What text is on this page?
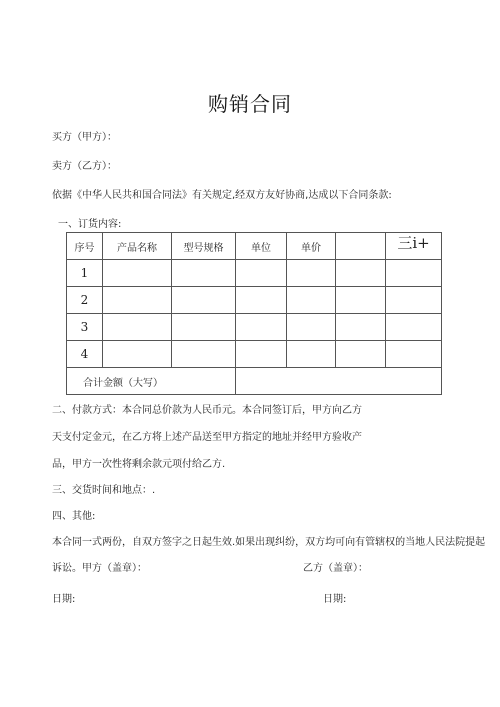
购销合同
买方（甲方）：
卖方（乙方）：
依据《中华人民共和国合同法》有关规定,经双方友好协商,达成以下合同条款:
一、订货内容:
序号	产品名称	型号规格	单位	单价		三i+
1						
2						
3						
4						
合计金额（大写）						
二、付款方式：本合同总价款为人民币元。本合同签订后，甲方向乙方
天支付定金元，在乙方将上述产品送至甲方指定的地址并经甲方验收产
品，甲方一次性将剩余款元项付给乙方.
三、交货时间和地点：.
四、其他:
本合同一式两份，自双方签字之日起生效.如果出现纠纷，双方均可向有管辖权的当地人民法院提起
诉讼。甲方（盖章）：	乙方（盖章）：
日期:	日期:
